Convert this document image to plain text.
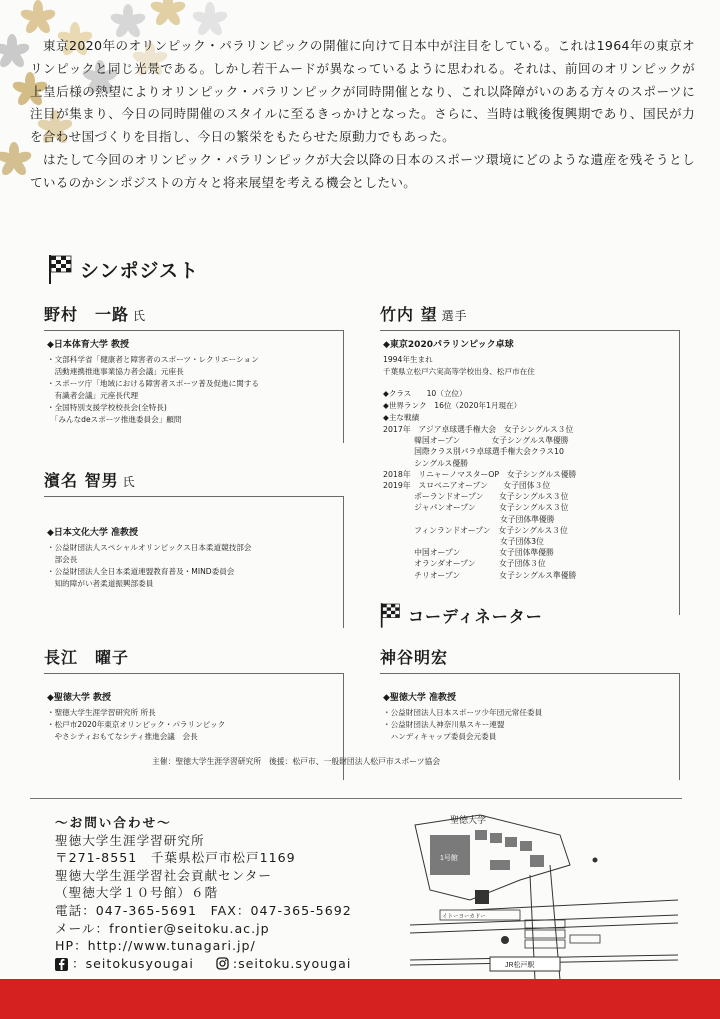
東京2020年のオリンピック・パラリンピックの開催に向けて日本中が注目をしている。これは1964年の東京オリンピックと同じ光景である。しかし若干ムードが異なっているように思われる。それは、前回のオリンピックが上皇后様の熱望によりオリンピック・パラリンピックが同時開催となり、これ以降障がいのある方々のスポーツに注目が集まり、今日の同時開催のスタイルに至るきっかけとなった。さらに、当時は戦後復興期であり、国民が力を合わせ国づくりを目指し、今日の繁栄をもたらせた原動力でもあった。

はたして今回のオリンピック・パラリンピックが大会以降の日本のスポーツ環境にどのような遺産を残そうとしているのかシンポジストの方々と将来展望を考える機会としたい。

シンポジスト
野村　一路 氏
◆日本体育大学 教授
・文部科学省「健康者と障害者のスポーツ・レクリエーション
　活動連携推進事業協力者会議」元座長
・スポーツ庁「地域における障害者スポーツ普及促進に関する
　有識者会議」元座長代理
・全国特別支援学校校長会(全特長)
　「みんなdeスポーツ推進委員会」顧問
濱名 智男 氏
◆日本文化大学 准教授
・公益財団法人スペシャルオリンピックス日本柔道競技部会
　部会長
・公益財団法人全日本柔道連盟教育普及・MIND委員会
　知的障がい者柔道振興部委員
長江　曜子
◆聖徳大学 教授
・聖徳大学生涯学習研究所 所長
・松戸市2020年東京オリンピック・パラリンピック
　やさシティおもてなシティ推進会議　会長
竹内 望 選手
◆東京2020パラリンピック卓球
1994年生まれ
千葉県立松戸六実高等学校出身、松戸市在住
◆クラス　　10（立位）
◆世界ランク　16位（2020年1月現在）
◆主な戦績
2017年　アジア卓球選手権大会　女子シングルス３位
　　　　韓国オープン　　　　女子シングルス準優勝
　　　　国際クラス別パラ卓球選手権大会クラス10
　　　　シングルス優勝
2018年　リニャーノマスターOP　女子シングルス優勝
2019年　スロベニアオープン　　女子団体３位
　　　　ポーランドオープン　　女子シングルス３位
　　　　ジャパンオープン　　　女子シングルス３位
　　　　　　　　　　　　　　　女子団体準優勝
　　　　フィンランドオープン　女子シングルス３位
　　　　　　　　　　　　　　　女子団体3位
　　　　中国オープン　　　　　女子団体準優勝
　　　　オランダオープン　　　女子団体３位
　　　　チリオープン　　　　　女子シングルス準優勝
コーディネーター
神谷明宏
◆聖徳大学 准教授
・公益財団法人日本スポーツ少年団元常任委員
・公益財団法人神奈川県スキー連盟
　ハンディキャップ委員会元委員
主催：聖徳大学生涯学習研究所　後援：松戸市、一般財団法人松戸市スポーツ協会
～お問い合わせ～
聖徳大学生涯学習研究所
〒271-8551　千葉県松戸市松戸1169
聖徳大学生涯学習社会貢献センター
（聖徳大学１０号館）６階
電話：047-365-5691　FAX：047-365-5692
メール：frontier@seitoku.ac.jp
HP：http://www.tunagari.jp/
：seitokusyougai	:seitoku.syougai
聖徳大学
1号館
イトーヨーカドー
JR松戸駅
